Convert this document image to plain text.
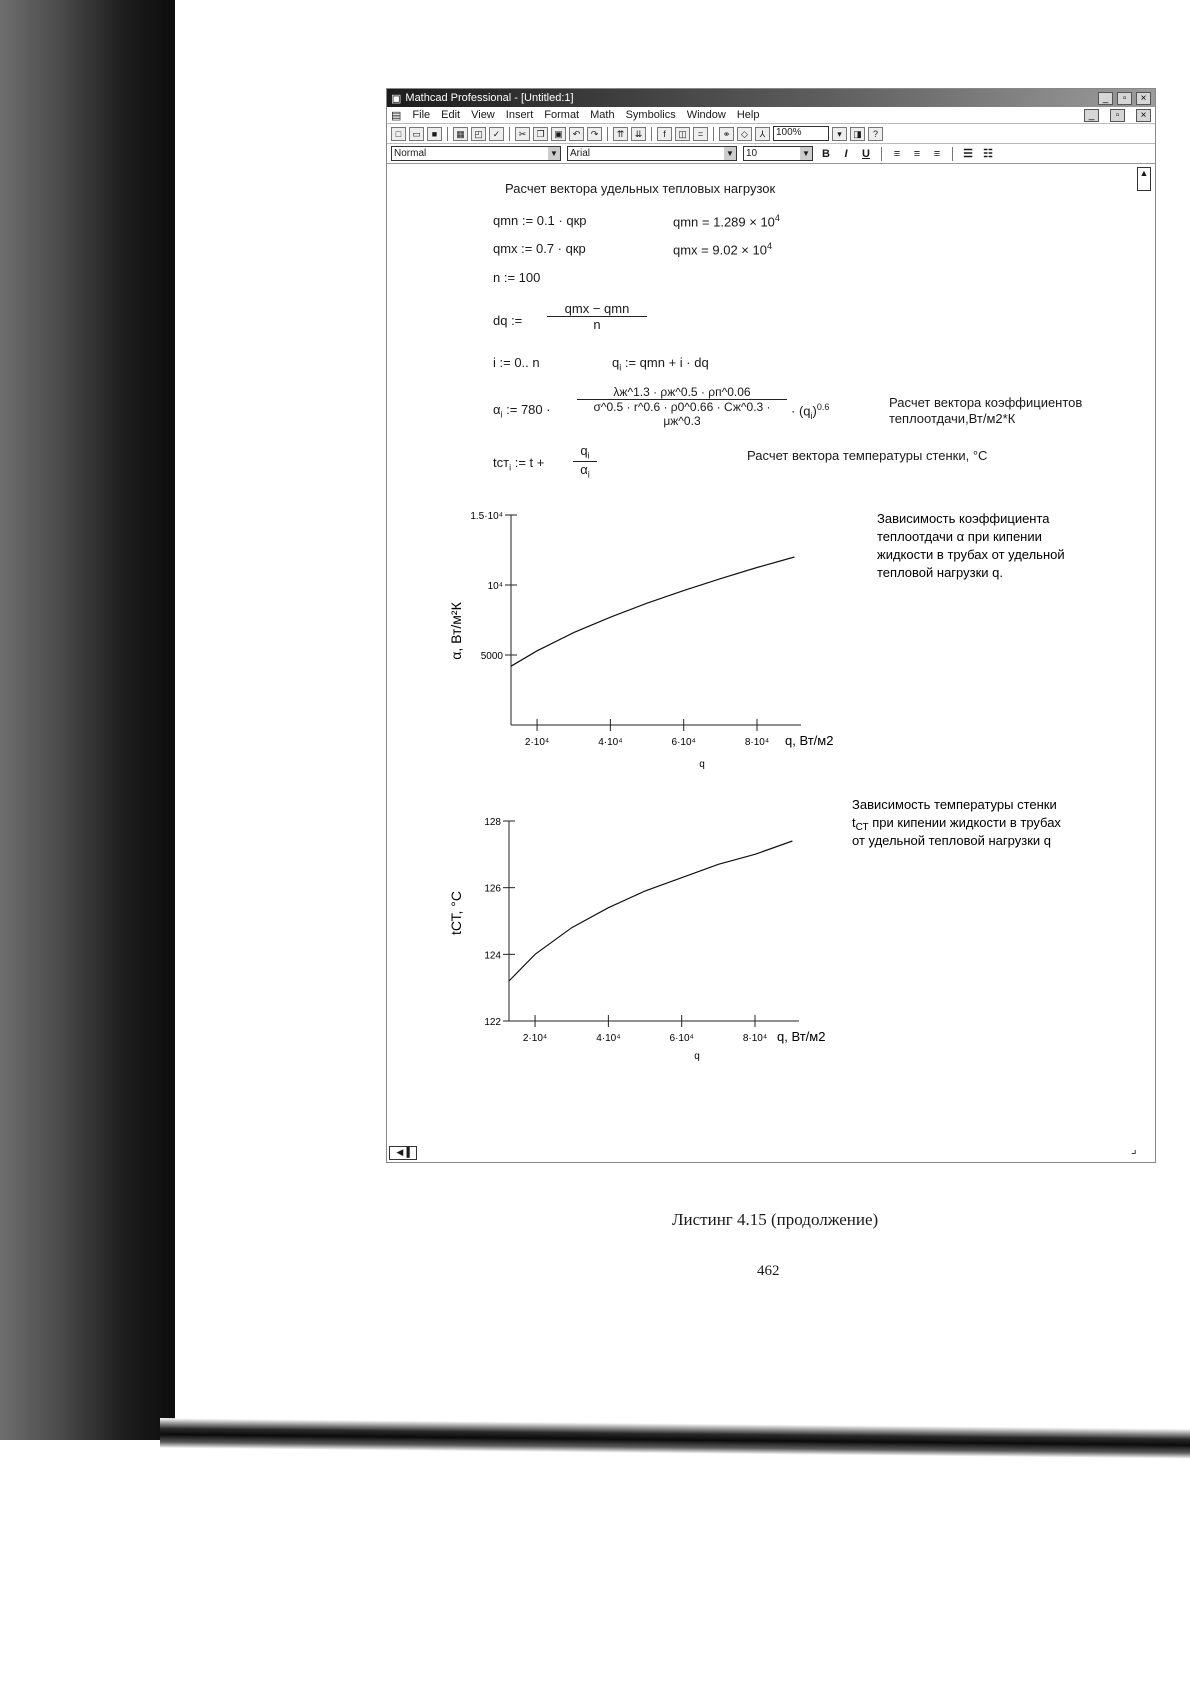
▣ Mathcad Professional - [Untitled:1]	_	▫	×
▤ File Edit View Insert Format Math Symbolics Window Help	_	▫	×
□	▭	■	▦	◰	✓	✂	❐	▣	↶	↷	⇈	⇊	f	◫	=	⚭	◇	⅄	100%	▾	◨	?
Normal	▼ Arial	▼ 10	▼ B	I	U	≡	≡	≡	☰ ☷
▲
Расчет вектора удельных тепловых нагрузок
qmn := 0.1 · qкр	qmn = $1.289 \times 10^4$
qmx := 0.7 · qкр	qmx = $9.02 \times 10^4$
n := 100
dq :=
qmx − qmn
n
i := 0.. n	$q_i$ := qmn + i · dq
$\alpha_i$ := 780 ·
λж^1.3 · ρж^0.5 · ρп^0.06
σ^0.5 · r^0.6 · ρ0^0.66 · Сж^0.3 · μж^0.3
· $(q_i)^{0.6}$	Расчет вектора коэффициентов
теплоотдачи,Вт/м2*К
tст$_i$ := $t + \frac{q_i}{\alpha_i}$	Расчет вектора температуры стенки, °С
5000
10⁴
1.5·10⁴
2·10⁴	4·10⁴	6·10⁴	8·10⁴
α, Вт/м²К
q
q, Вт/м2
Зависимость коэффициента
теплоотдачи α при кипении
жидкости в трубах от удельной
тепловой нагрузки q.
122
124
126
128
2·10⁴	4·10⁴	6·10⁴	8·10⁴
tСТ, °С
q
q, Вт/м2
Зависимость температуры стенки
$t_{СТ}$ при кипении жидкости в трубах
от удельной тепловой нагрузки q
◀▐	⌟
Листинг 4.15 (продолжение)
462
